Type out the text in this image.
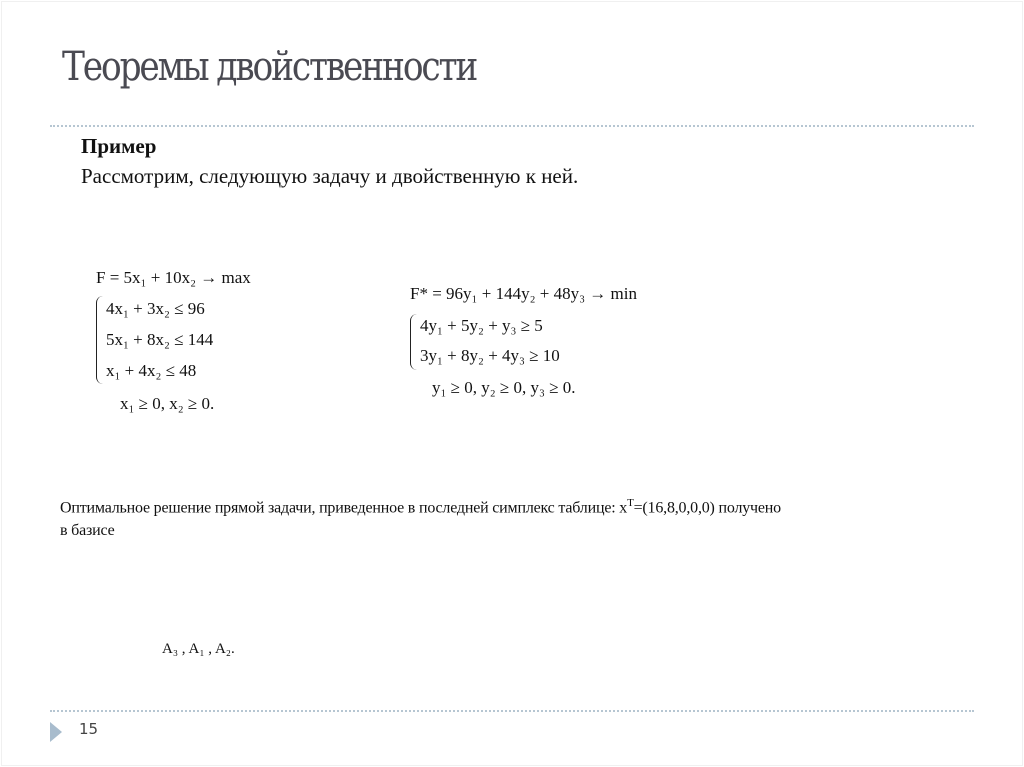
Теоремы двойственности
Пример
Рассмотрим, следующую задачу и двойственную к ней.
F = 5x₁ + 10x₂ → max
4x₁ + 3x₂ ≤ 96
5x₁ + 8x₂ ≤ 144
x₁ + 4x₂ ≤ 48
x₁ ≥ 0, x₂ ≥ 0.
F* = 96y₁ + 144y₂ + 48y₃ → min
4y₁ + 5y₂ + y₃ ≥ 5
3y₁ + 8y₂ + 4y₃ ≥ 10
y₁ ≥ 0, y₂ ≥ 0, y₃ ≥ 0.
Оптимальное решение прямой задачи, приведенное в последней симплекс таблице: $x^T=(16,8,0,0,0)$ получено
в базисе
A₃ , A₁ , A₂.
15
